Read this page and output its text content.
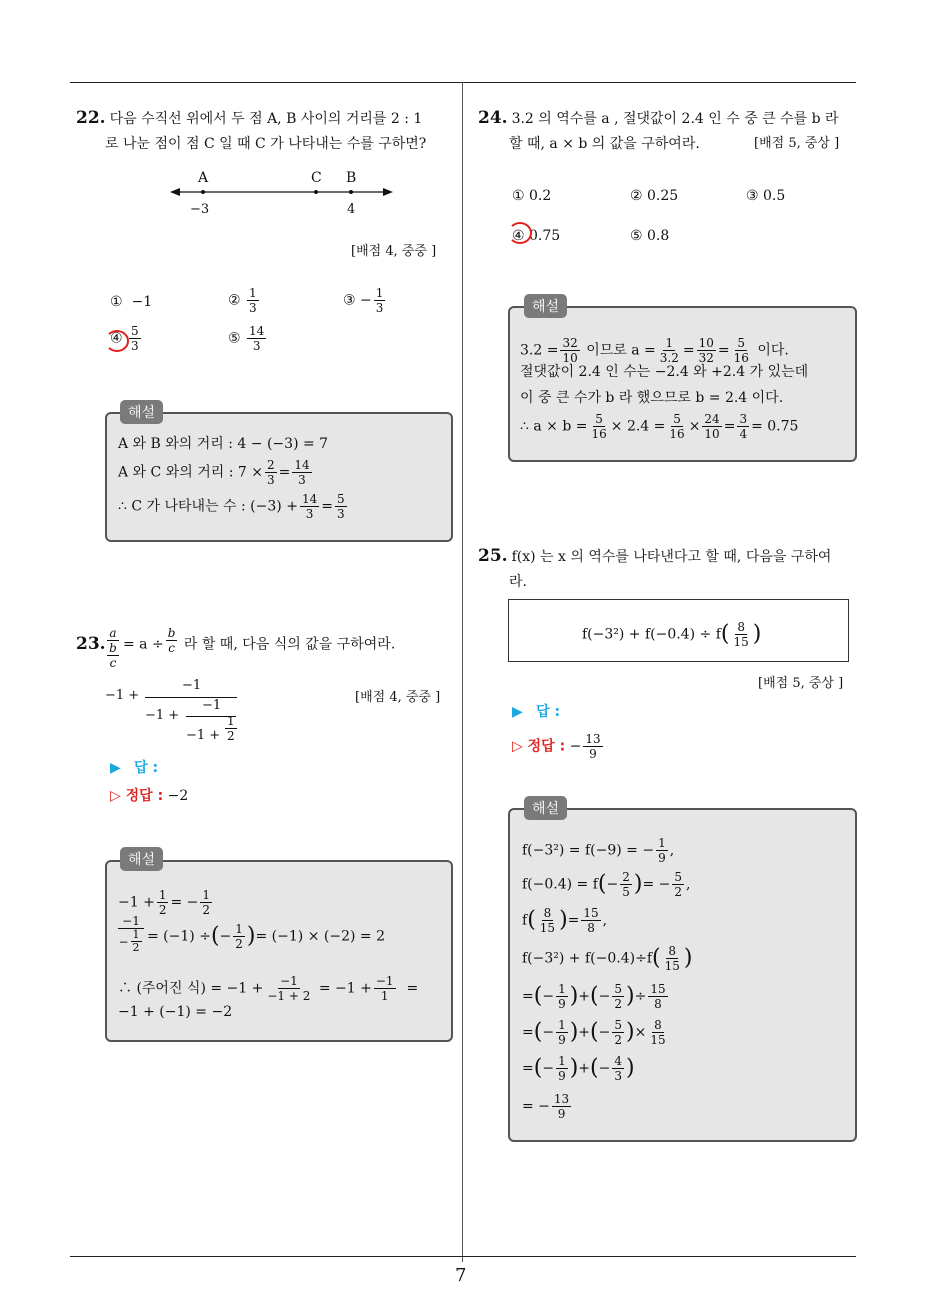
7
22. 다음 수직선 위에서 두 점 A, B 사이의 거리를 2 : 1
로 나눈 점이 점 C 일 때 C 가 나타내는 수를 구하면?
A	C B
−3	4
[배점 4, 중중 ]
① −1	② $\frac{1}{3}$	③ − $\frac{1}{3}$
④ $\frac{5}{3}$	⑤ $\frac{14}{3}$
해설
A 와 B 와의 거리 : 4 − (−3) = 7
A 와 C 와의 거리 : $7 \times \frac{2}{3} = \frac{14}{3}$
∴ C 가 나타내는 수 : $(-3) + \frac{14}{3} = \frac{5}{3}$
23.
a
b
c
= $a \div \frac{b}{c}$ 라 할 때, 다음 식의 값을 구하여라.
−1 +
−1
−1 +
−1
$-1 + \frac{1}{2}$
[배점 4, 중중 ]
▶ 답 :
▷ 정답 : −2
해설
$-1 + \frac{1}{2}$ = − $\frac{1}{2}$
−1
− $\frac{1}{2} = (-1)$ ÷(− $\frac{1}{2}$ )= (−1) × (−2) = 2
∴ (주어진 식) = $-1 + \frac{-1}{-1 + 2} = -1 + \frac{-1}{1}$ =
−1 + (−1) = −2
24. 3.2 의 역수를 a , 절댓값이 2.4 인 수 중 큰 수를 b 라
할 때, a × b 의 값을 구하여라.	[배점 5, 중상 ]
① 0.2	② 0.25	③ 0.5
④ 0.75	⑤ 0.8
해설
$3.2 = \frac{32}{10}$ 이므로 $a = \frac{1}{3.2} = \frac{10}{32} = \frac{5}{16}$ 이다.
절댓값이 2.4 인 수는 −2.4 와 +2.4 가 있는데
이 중 큰 수가 b 라 했으므로 b = 2.4 이다.
∴ $a \times b = \frac{5}{16} \times 2.4 = \frac{5}{16} \times \frac{24}{10} = \frac{3}{4} = 0.75$
25. f(x) 는 x 의 역수를 나타낸다고 할 때, 다음을 구하여
라.
$f(-3^2) + f(-0.4) \div f( \frac{8}{15}$ )
[배점 5, 중상 ]
▶ 답 :
▷ 정답 : − $\frac{13}{9}$
해설
f(−3²) = f(−9) = − $\frac{1}{9}$ ,
$f(-0.4) = f(- \frac{2}{5}$ )= − $\frac{5}{2}$ ,
$f( \frac{8}{15}$ )= $\frac{15}{8}$ ,
$f(-3^2) + f(-0.4)\div f( \frac{8}{15}$ )
=(− $\frac{1}{9}$ )+(− $\frac{5}{2}$ )÷ $\frac{15}{8}$
=(− $\frac{1}{9}$ )+(− $\frac{5}{2}$ )× $\frac{8}{15}$
=(− $\frac{1}{9}$ )+(− $\frac{4}{3}$ )
= − $\frac{13}{9}$
